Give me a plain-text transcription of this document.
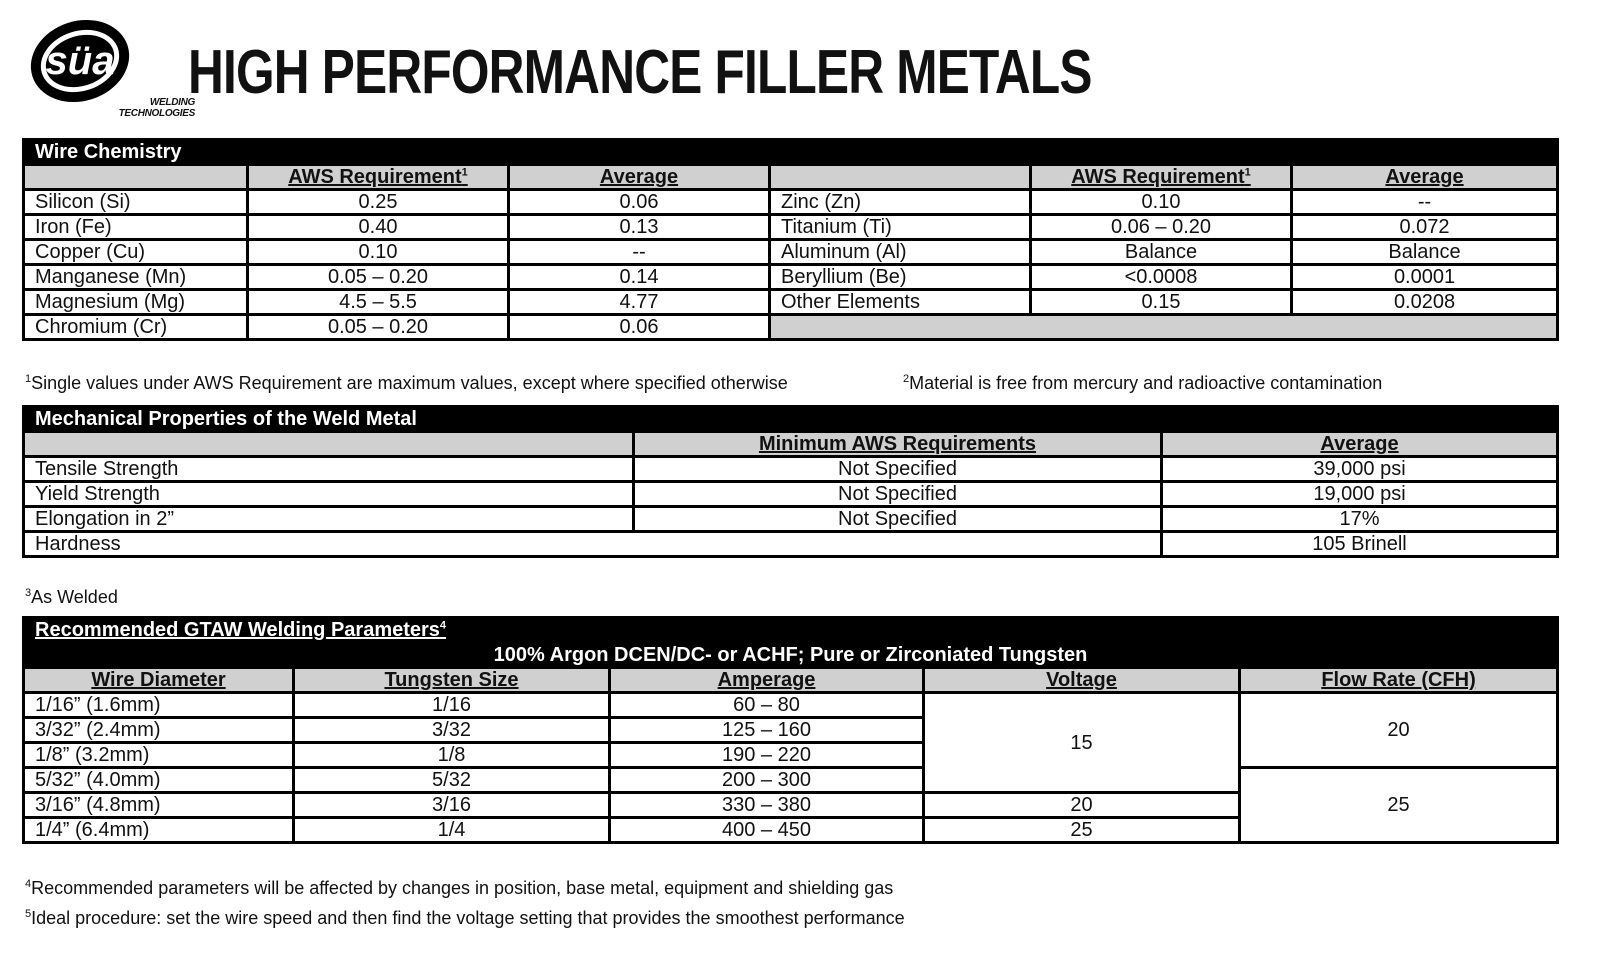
süa
WELDING
TECHNOLOGIES
HIGH PERFORMANCE FILLER METALS
Wire Chemistry					
	AWS Requirement$^1$	Average		AWS Requirement$^1$	Average
Silicon (Si)	0.25	0.06	Zinc (Zn)	0.10	--
Iron (Fe)	0.40	0.13	Titanium (Ti)	0.06 – 0.20	0.072
Copper (Cu)	0.10	--	Aluminum (Al)	Balance	Balance
Manganese (Mn)	0.05 – 0.20	0.14	Beryllium (Be)	<0.0008	0.0001
Magnesium (Mg)	4.5 – 5.5	4.77	Other Elements	0.15	0.0208
Chromium (Cr)	0.05 – 0.20	0.06			
$^1$Single values under AWS Requirement are maximum values, except where specified otherwise	$^2$Material is free from mercury and radioactive contamination
Mechanical Properties of the Weld Metal		
	Minimum AWS Requirements	Average
Tensile Strength	Not Specified	39,000 psi
Yield Strength	Not Specified	19,000 psi
Elongation in 2”	Not Specified	17%
Hardness		105 Brinell
$^3$As Welded
Recommended GTAW Welding Parameters$^4$
100% Argon DCEN/DC- or ACHF; Pure or Zirconiated Tungsten				
Wire Diameter	Tungsten Size	Amperage	Voltage	Flow Rate (CFH)
1/16” (1.6mm)	1/16	60 – 80	15	20
3/32” (2.4mm)	3/32	125 – 160		
1/8” (3.2mm)	1/8	190 – 220		
5/32” (4.0mm)	5/32	200 – 300		25
3/16” (4.8mm)	3/16	330 – 380	20	
1/4” (6.4mm)	1/4	400 – 450	25	
$^4$Recommended parameters will be affected by changes in position, base metal, equipment and shielding gas
$^5$Ideal procedure: set the wire speed and then find the voltage setting that provides the smoothest performance
